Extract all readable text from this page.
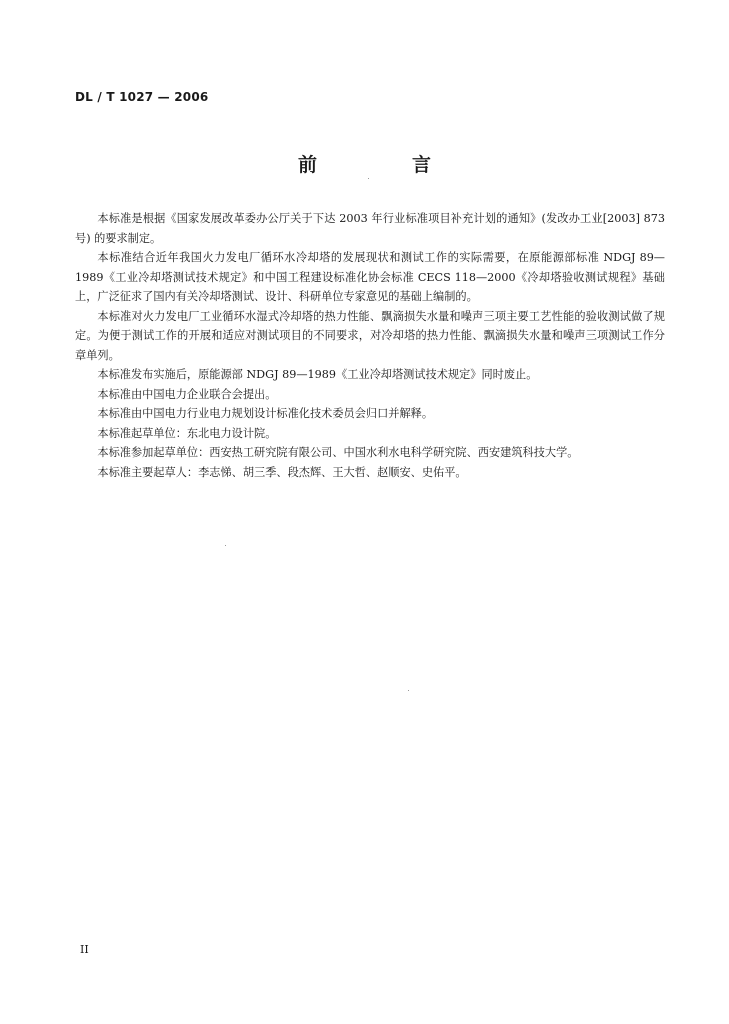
DL / T 1027 — 2006
前　言

本标准是根据《国家发展改革委办公厅关于下达 2003 年行业标准项目补充计划的通知》(发改办工业[2003] 873 号) 的要求制定。

本标准结合近年我国火力发电厂循环水冷却塔的发展现状和测试工作的实际需要，在原能源部标准 NDGJ 89—1989《工业冷却塔测试技术规定》和中国工程建设标准化协会标准 CECS 118—2000《冷却塔验收测试规程》基础上，广泛征求了国内有关冷却塔测试、设计、科研单位专家意见的基础上编制的。

本标准对火力发电厂工业循环水湿式冷却塔的热力性能、飘滴损失水量和噪声三项主要工艺性能的验收测试做了规定。为便于测试工作的开展和适应对测试项目的不同要求，对冷却塔的热力性能、飘滴损失水量和噪声三项测试工作分章单列。

本标准发布实施后，原能源部 NDGJ 89—1989《工业冷却塔测试技术规定》同时废止。

本标准由中国电力企业联合会提出。

本标准由中国电力行业电力规划设计标准化技术委员会归口并解释。

本标准起草单位：东北电力设计院。

本标准参加起草单位：西安热工研究院有限公司、中国水利水电科学研究院、西安建筑科技大学。

本标准主要起草人：李志悌、胡三季、段杰辉、王大哲、赵顺安、史佑平。

II
